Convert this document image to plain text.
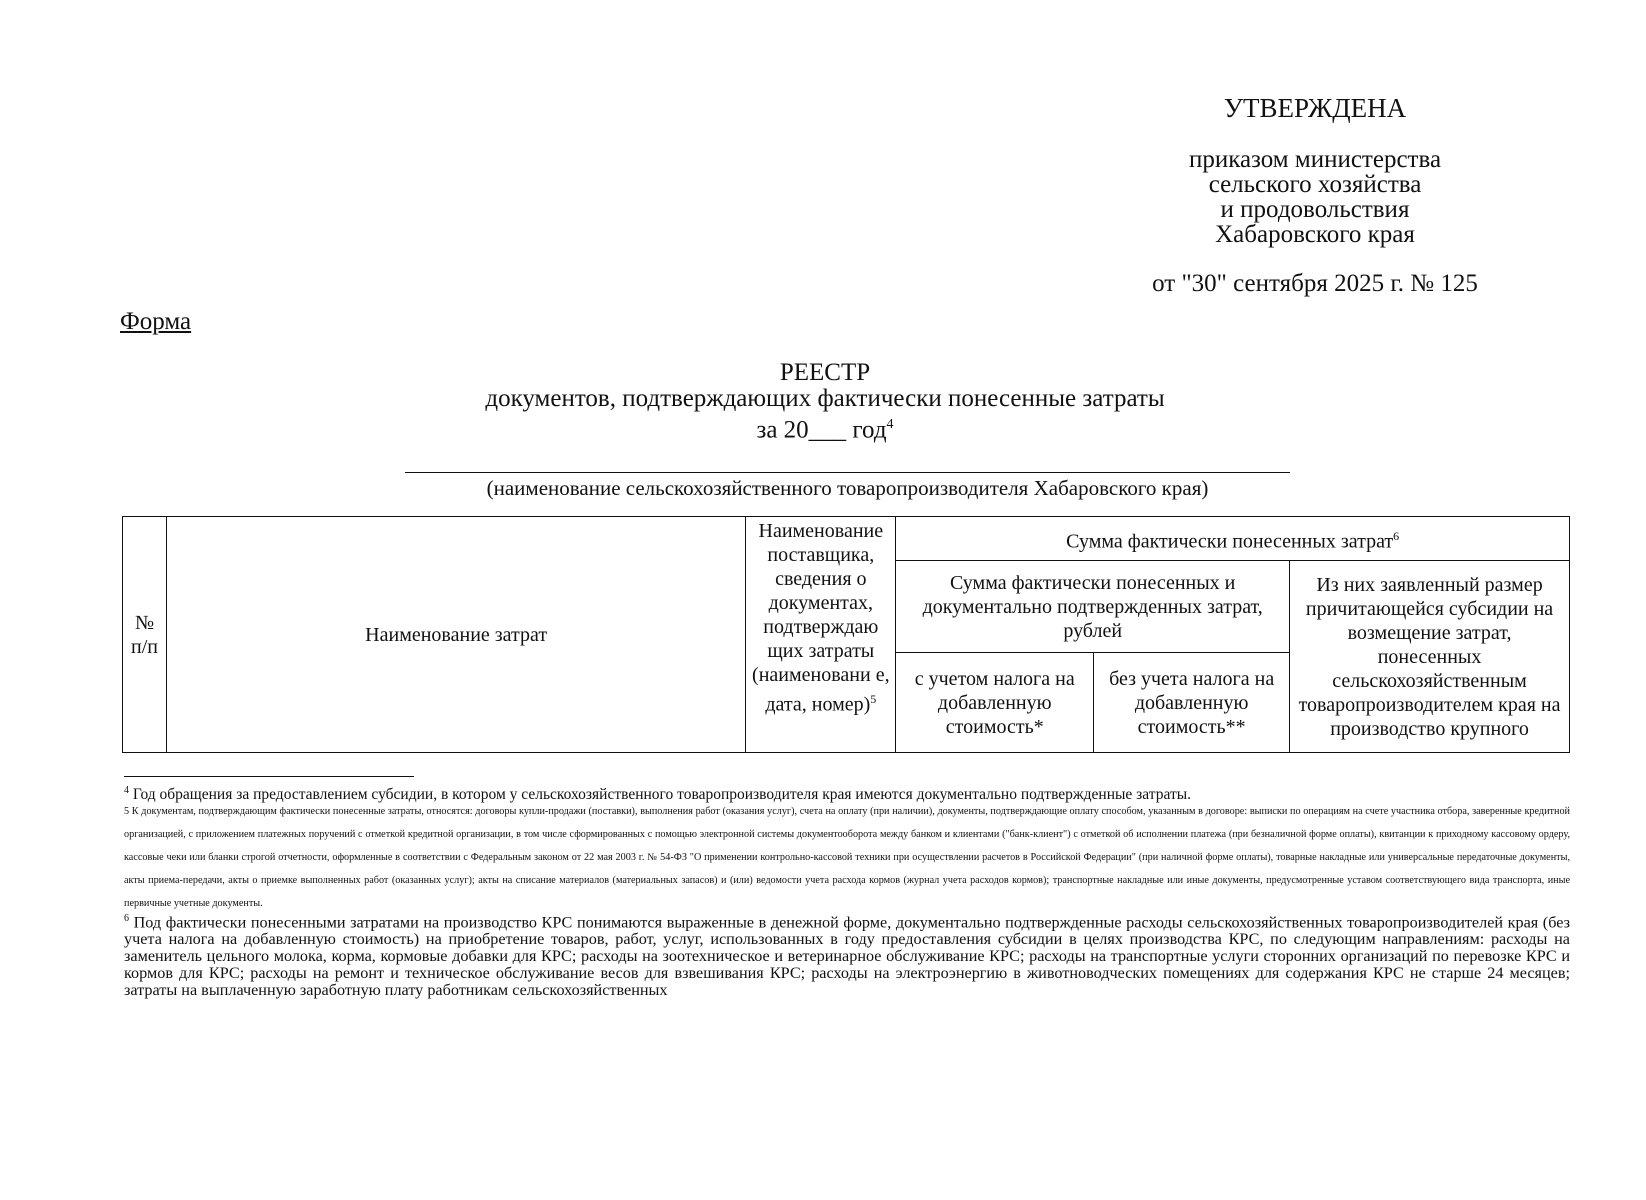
УТВЕРЖДЕНА
приказом министерства
сельского хозяйства
и продовольствия
Хабаровского края
от "30" сентября 2025 г. № 125
Форма
РЕЕСТР
документов, подтверждающих фактически понесенные затраты
за 20___ год$^4$
(наименование сельскохозяйственного товаропроизводителя Хабаровского края)
№ п/п	Наименование затрат	Наименование поставщика, сведения о документах, подтверждаю щих затраты (наименовани е, дата, номер)$^5$	Сумма фактически понесенных затрат$^6$
			Сумма фактически понесенных и документально подтвержденных затрат, рублей		Из них заявленный размер причитающейся субсидии на возмещение затрат, понесенных сельскохозяйственным товаропроизводителем края на производство крупного
			с учетом налога на добавленную стоимость*	без учета налога на добавленную стоимость**	
$^4$ Год обращения за предоставлением субсидии, в котором у сельскохозяйственного товаропроизводителя края имеются документально подтвержденные затраты.
5 К документам, подтверждающим фактически понесенные затраты, относятся: договоры купли-продажи (поставки), выполнения работ (оказания услуг), счета на оплату (при наличии), документы, подтверждающие оплату способом, указанным в договоре: выписки по операциям на счете участника отбора, заверенные кредитной организацией, с приложением платежных поручений с отметкой кредитной организации, в том числе сформированных с помощью электронной системы документооборота между банком и клиентами ("банк-клиент") с отметкой об исполнении платежа (при безналичной форме оплаты), квитанции к приходному кассовому ордеру, кассовые чеки или бланки строгой отчетности, оформленные в соответствии с Федеральным законом от 22 мая 2003 г. № 54-ФЗ "О применении контрольно-кассовой техники при осуществлении расчетов в Российской Федерации" (при наличной форме оплаты), товарные накладные или универсальные передаточные документы, акты приема-передачи, акты о приемке выполненных работ (оказанных услуг); акты на списание материалов (материальных запасов) и (или) ведомости учета расхода кормов (журнал учета расходов кормов); транспортные накладные или иные документы, предусмотренные уставом соответствующего вида транспорта, иные первичные учетные документы.
$^6$ Под фактически понесенными затратами на производство КРС понимаются выраженные в денежной форме, документально подтвержденные расходы сельскохозяйственных товаропроизводителей края (без учета налога на добавленную стоимость) на приобретение товаров, работ, услуг, использованных в году предоставления субсидии в целях производства КРС, по следующим направлениям: расходы на заменитель цельного молока, корма, кормовые добавки для КРС; расходы на зоотехническое и ветеринарное обслуживание КРС; расходы на транспортные услуги сторонних организаций по перевозке КРС и кормов для КРС; расходы на ремонт и техническое обслуживание весов для взвешивания КРС; расходы на электроэнергию в животноводческих помещениях для содержания КРС не старше 24 месяцев; затраты на выплаченную заработную плату работникам сельскохозяйственных
